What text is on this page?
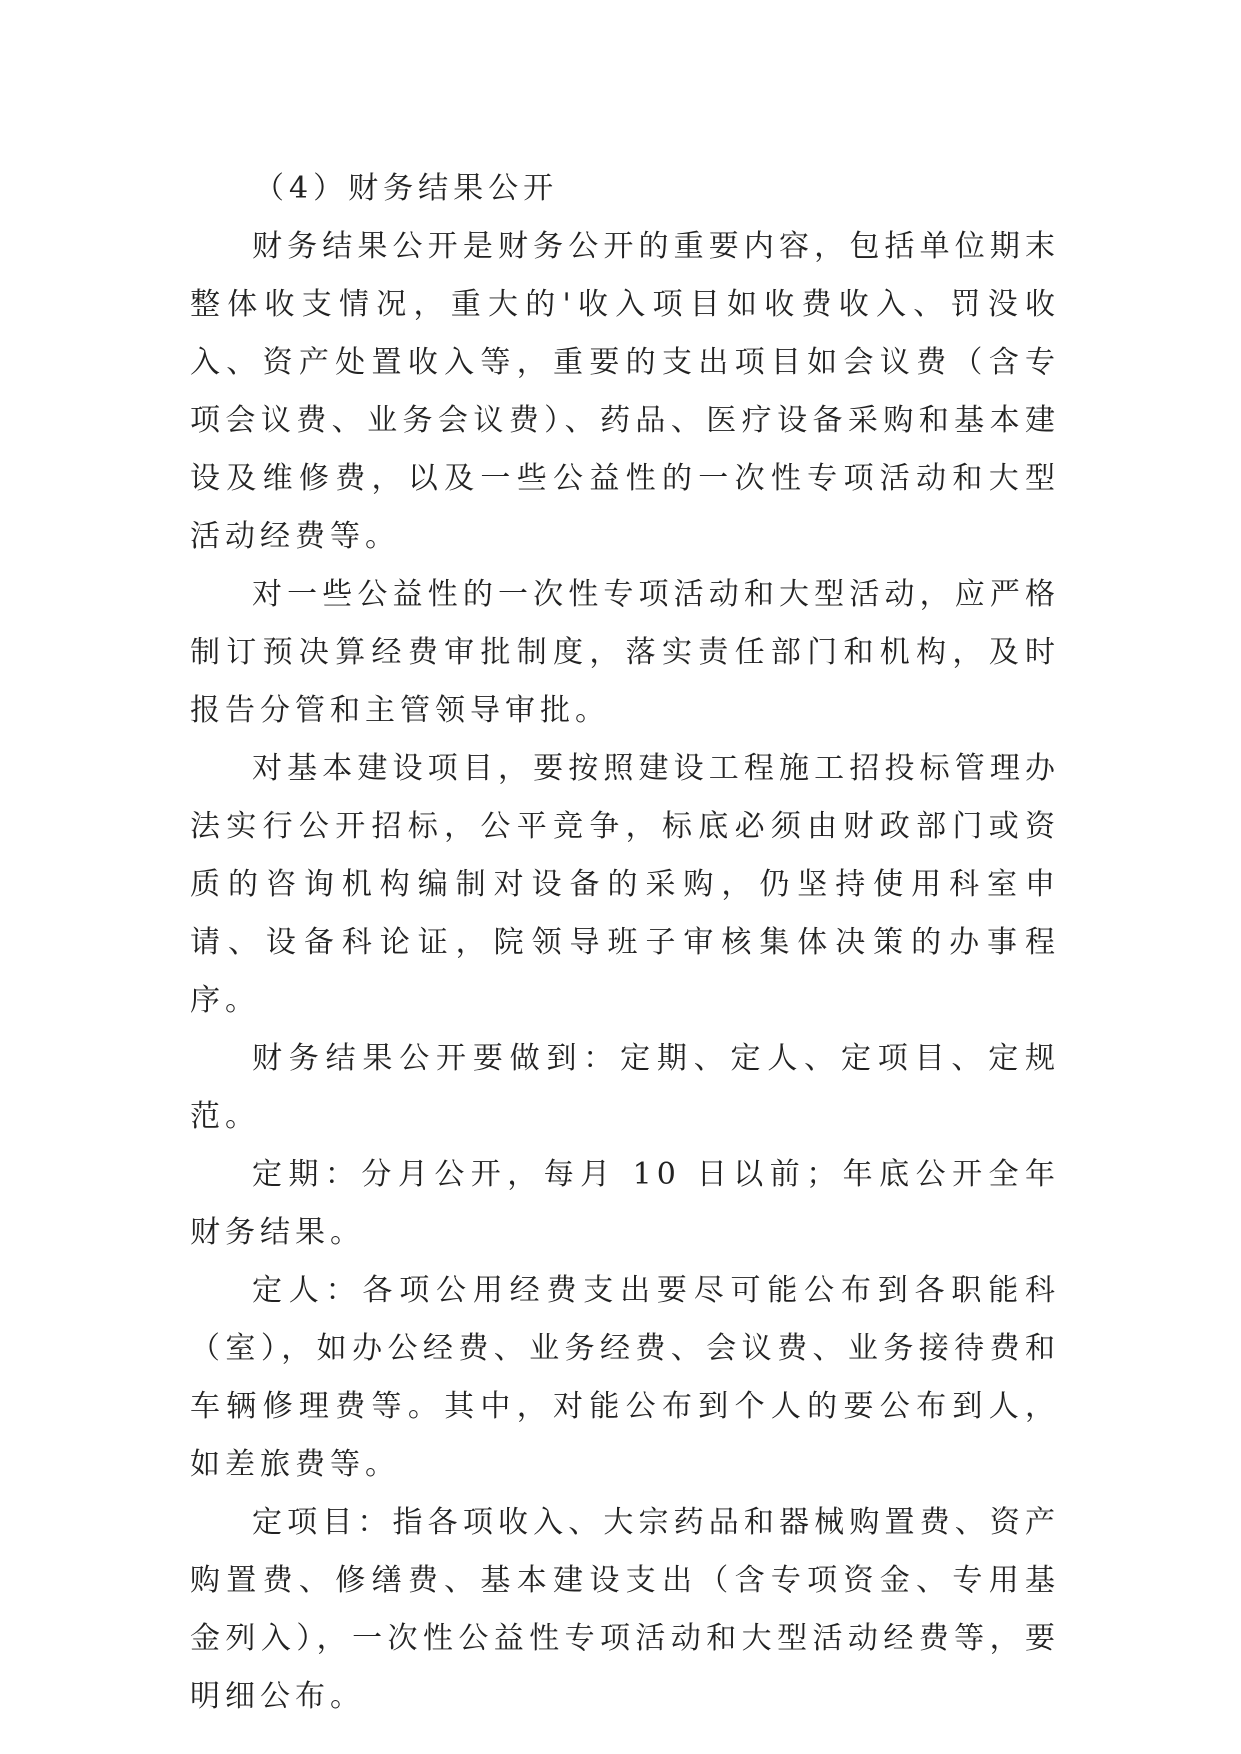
（4）财务结果公开

财务结果公开是财务公开的重要内容，包括单位期末整体收支情况，重大的'收入项目如收费收入、罚没收入、资产处置收入等，重要的支出项目如会议费（含专项会议费、业务会议费）、药品、医疗设备采购和基本建设及维修费，以及一些公益性的一次性专项活动和大型活动经费等。

对一些公益性的一次性专项活动和大型活动，应严格制订预决算经费审批制度，落实责任部门和机构，及时报告分管和主管领导审批。

对基本建设项目，要按照建设工程施工招投标管理办法实行公开招标，公平竞争，标底必须由财政部门或资质的咨询机构编制对设备的采购，仍坚持使用科室申请、设备科论证，院领导班子审核集体决策的办事程序。

财务结果公开要做到：定期、定人、定项目、定规范。

定期：分月公开，每月 10 日以前；年底公开全年财务结果。

定人：各项公用经费支出要尽可能公布到各职能科（室），如办公经费、业务经费、会议费、业务接待费和车辆修理费等。其中，对能公布到个人的要公布到人，如差旅费等。

定项目：指各项收入、大宗药品和器械购置费、资产购置费、修缮费、基本建设支出（含专项资金、专用基金列入），一次性公益性专项活动和大型活动经费等，要明细公布。
